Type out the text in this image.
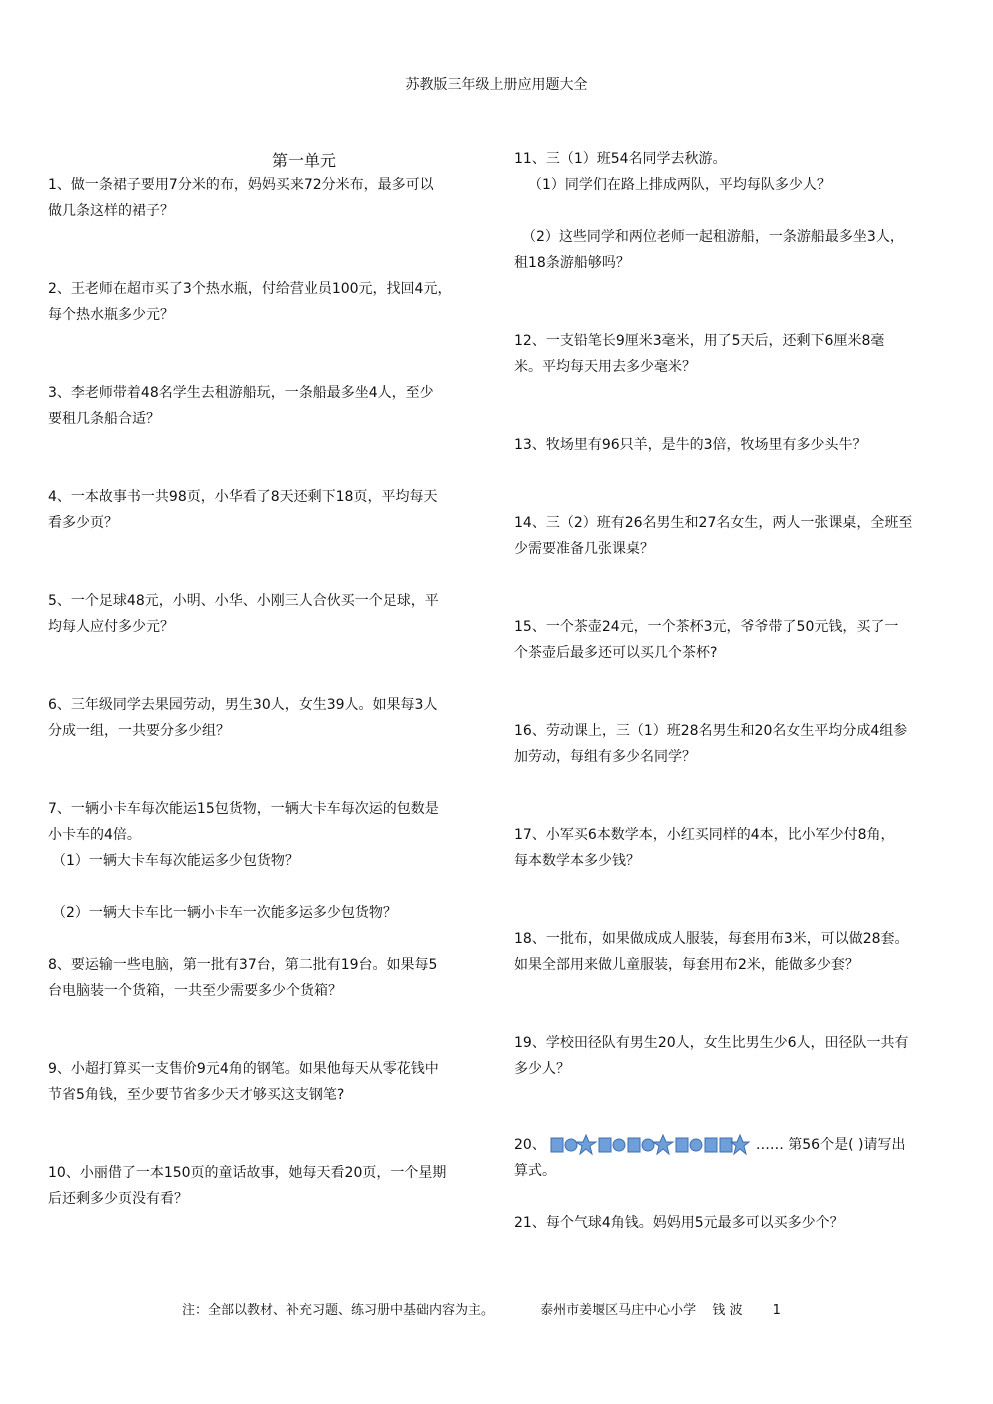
苏教版三年级上册应用题大全
第一单元
1、做一条裙子要用7分米的布，妈妈买来72分米布，最多可以
做几条这样的裙子？
2、王老师在超市买了3个热水瓶，付给营业员100元，找回4元，
每个热水瓶多少元？
3、李老师带着48名学生去租游船玩，一条船最多坐4人，至少
要租几条船合适？
4、一本故事书一共98页，小华看了8天还剩下18页，平均每天
看多少页？
5、一个足球48元，小明、小华、小刚三人合伙买一个足球，平
均每人应付多少元？
6、三年级同学去果园劳动，男生30人，女生39人。如果每3人
分成一组，一共要分多少组？
7、一辆小卡车每次能运15包货物，一辆大卡车每次运的包数是
小卡车的4倍。
（1）一辆大卡车每次能运多少包货物？
（2）一辆大卡车比一辆小卡车一次能多运多少包货物？
8、要运输一些电脑，第一批有37台，第二批有19台。如果每5
台电脑装一个货箱，一共至少需要多少个货箱？
9、小超打算买一支售价9元4角的钢笔。如果他每天从零花钱中
节省5角钱，至少要节省多少天才够买这支钢笔?
10、小丽借了一本150页的童话故事，她每天看20页，一个星期
后还剩多少页没有看？
11、三（1）班54名同学去秋游。
（1）同学们在路上排成两队，平均每队多少人？
（2）这些同学和两位老师一起租游船，一条游船最多坐3人，
租18条游船够吗？
12、一支铅笔长9厘米3毫米，用了5天后，还剩下6厘米8毫
米。平均每天用去多少毫米？
13、牧场里有96只羊，是牛的3倍，牧场里有多少头牛？
14、三（2）班有26名男生和27名女生，两人一张课桌，全班至
少需要准备几张课桌？
15、一个茶壶24元，一个茶杯3元，爷爷带了50元钱，买了一
个茶壶后最多还可以买几个茶杯?
16、劳动课上，三（1）班28名男生和20名女生平均分成4组参
加劳动，每组有多少名同学？
17、小军买6本数学本，小红买同样的4本，比小军少付8角，
每本数学本多少钱？
18、一批布，如果做成成人服装，每套用布3米，可以做28套。
如果全部用来做儿童服装，每套用布2米，能做多少套？
19、学校田径队有男生20人，女生比男生少6人，田径队一共有
多少人？
20、	…… 第56个是( )请写出
算式。
21、每个气球4角钱。妈妈用5元最多可以买多少个？
注：全部以教材、补充习题、练习册中基础内容为主。	泰州市姜堰区马庄中心小学 钱 波 1
